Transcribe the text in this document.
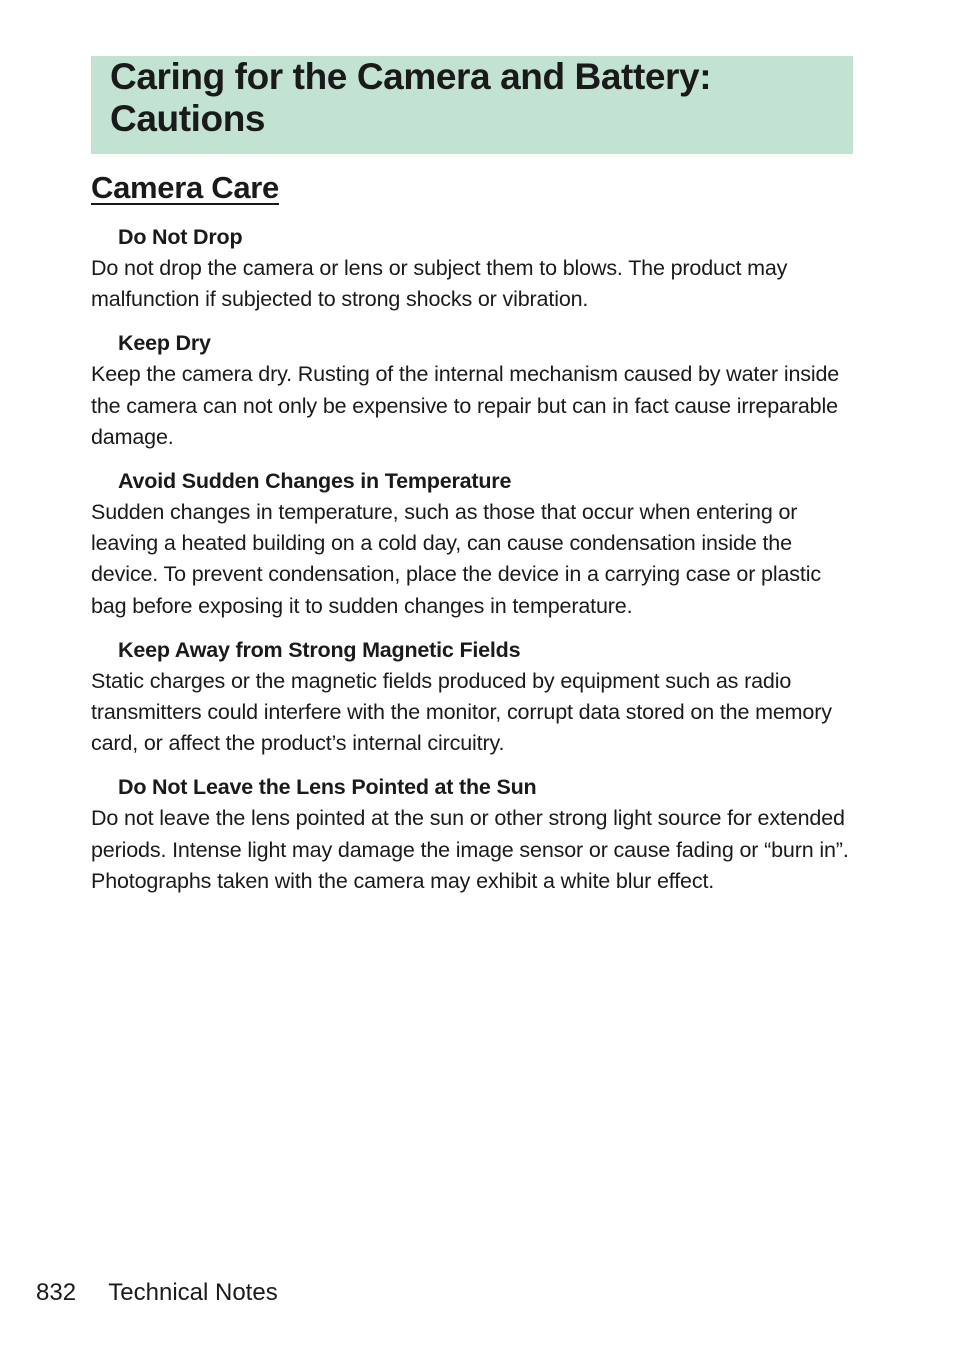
Caring for the Camera and Battery: Cautions
Camera Care
Do Not Drop

Do not drop the camera or lens or subject them to blows. The product may malfunction if subjected to strong shocks or vibration.

Keep Dry

Keep the camera dry. Rusting of the internal mechanism caused by water inside the camera can not only be expensive to repair but can in fact cause irreparable damage.

Avoid Sudden Changes in Temperature

Sudden changes in temperature, such as those that occur when entering or leaving a heated building on a cold day, can cause condensation inside the device. To prevent condensation, place the device in a carrying case or plastic bag before exposing it to sudden changes in temperature.

Keep Away from Strong Magnetic Fields

Static charges or the magnetic fields produced by equipment such as radio transmitters could interfere with the monitor, corrupt data stored on the memory card, or affect the product’s internal circuitry.

Do Not Leave the Lens Pointed at the Sun

Do not leave the lens pointed at the sun or other strong light source for extended periods. Intense light may damage the image sensor or cause fading or “burn in”. Photographs taken with the camera may exhibit a white blur effect.

832 Technical Notes
